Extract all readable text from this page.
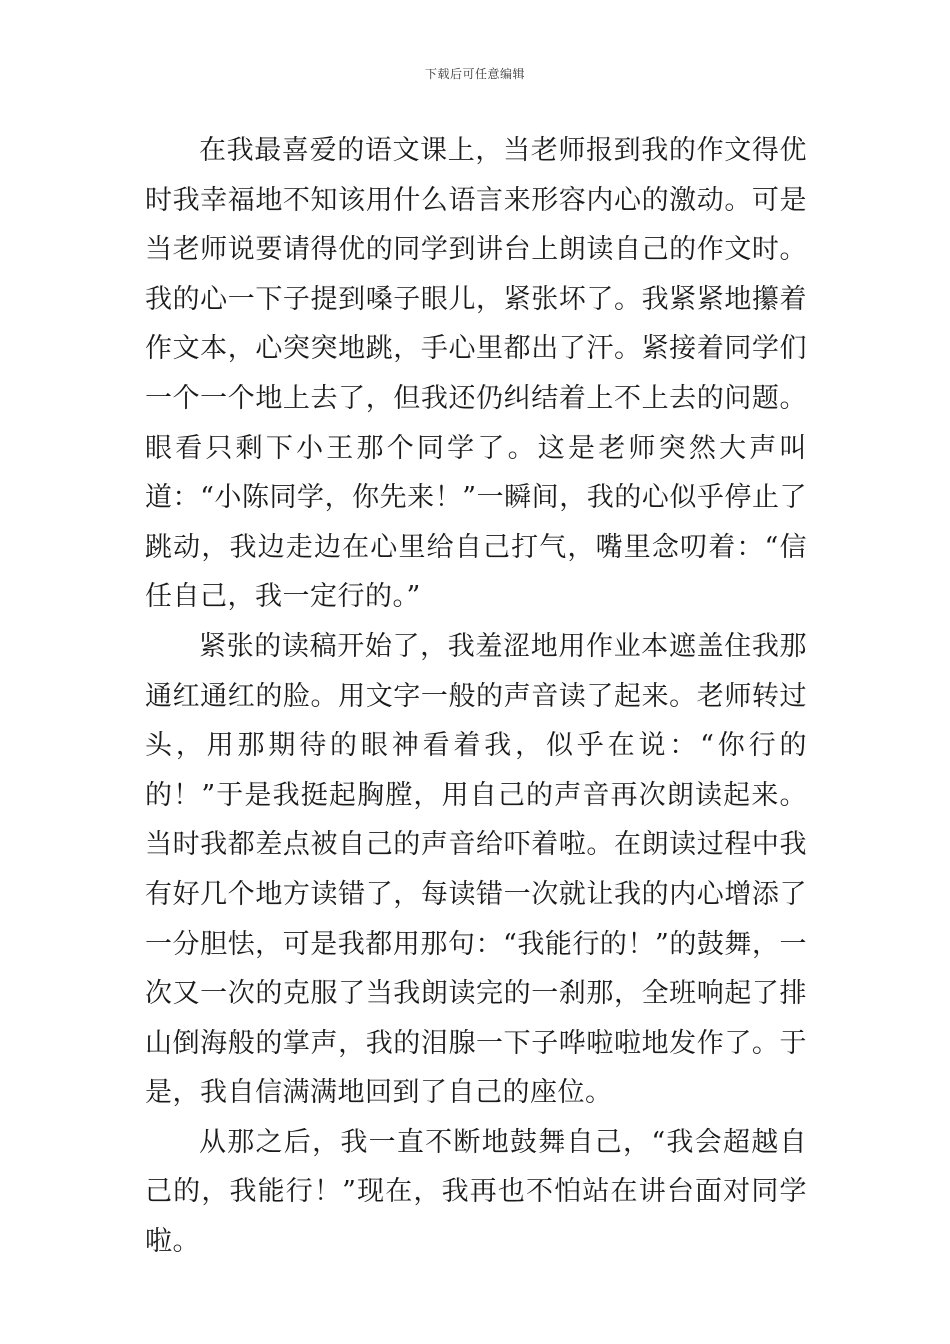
下载后可任意编辑

在我最喜爱的语文课上，当老师报到我的作文得优时我幸福地不知该用什么语言来形容内心的激动。可是当老师说要请得优的同学到讲台上朗读自己的作文时。我的心一下子提到嗓子眼儿，紧张坏了。我紧紧地攥着作文本，心突突地跳，手心里都出了汗。紧接着同学们一个一个地上去了，但我还仍纠结着上不上去的问题。眼看只剩下小王那个同学了。这是老师突然大声叫道：“小陈同学，你先来！”一瞬间，我的心似乎停止了跳动，我边走边在心里给自己打气，嘴里念叨着：“信任自己，我一定行的。”

紧张的读稿开始了，我羞涩地用作业本遮盖住我那通红通红的脸。用文字一般的声音读了起来。老师转过头，用那期待的眼神看着我，似乎在说：“你行的的！”于是我挺起胸膛，用自己的声音再次朗读起来。当时我都差点被自己的声音给吓着啦。在朗读过程中我有好几个地方读错了，每读错一次就让我的内心增添了一分胆怯，可是我都用那句：“我能行的！”的鼓舞，一次又一次的克服了当我朗读完的一刹那，全班响起了排山倒海般的掌声，我的泪腺一下子哗啦啦地发作了。于是，我自信满满地回到了自己的座位。

从那之后，我一直不断地鼓舞自己，“我会超越自己的，我能行！”现在，我再也不怕站在讲台面对同学啦。
